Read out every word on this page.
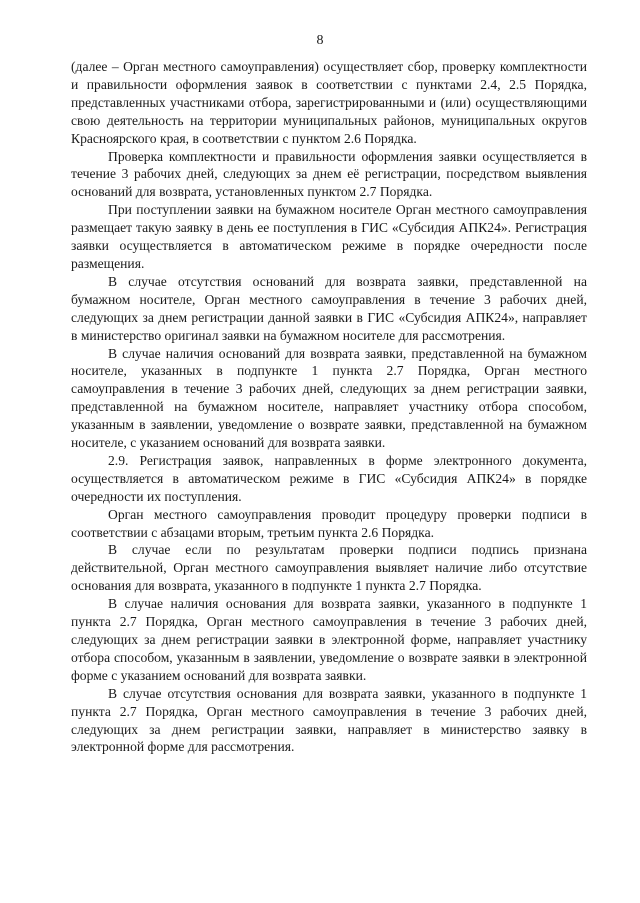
8

(далее – Орган местного самоуправления) осуществляет сбор, проверку комплектности и правильности оформления заявок в соответствии с пунктами 2.4, 2.5 Порядка, представленных участниками отбора, зарегистрированными и (или) осуществляющими свою деятельность на территории муниципальных районов, муниципальных округов Красноярского края, в соответствии с пунктом 2.6 Порядка.

Проверка комплектности и правильности оформления заявки осуществляется в течение 3 рабочих дней, следующих за днем её регистрации, посредством выявления оснований для возврата, установленных пунктом 2.7 Порядка.

При поступлении заявки на бумажном носителе Орган местного самоуправления размещает такую заявку в день ее поступления в ГИС «Субсидия АПК24». Регистрация заявки осуществляется в автоматическом режиме в порядке очередности после размещения.

В случае отсутствия оснований для возврата заявки, представленной на бумажном носителе, Орган местного самоуправления в течение 3 рабочих дней, следующих за днем регистрации данной заявки в ГИС «Субсидия АПК24», направляет в министерство оригинал заявки на бумажном носителе для рассмотрения.

В случае наличия оснований для возврата заявки, представленной на бумажном носителе, указанных в подпункте 1 пункта 2.7 Порядка, Орган местного самоуправления в течение 3 рабочих дней, следующих за днем регистрации заявки, представленной на бумажном носителе, направляет участнику отбора способом, указанным в заявлении, уведомление о возврате заявки, представленной на бумажном носителе, с указанием оснований для возврата заявки.

2.9. Регистрация заявок, направленных в форме электронного документа, осуществляется в автоматическом режиме в ГИС «Субсидия АПК24» в порядке очередности их поступления.

Орган местного самоуправления проводит процедуру проверки подписи в соответствии с абзацами вторым, третьим пункта 2.6 Порядка.

В случае если по результатам проверки подписи подпись признана действительной, Орган местного самоуправления выявляет наличие либо отсутствие основания для возврата, указанного в подпункте 1 пункта 2.7 Порядка.

В случае наличия основания для возврата заявки, указанного в подпункте 1 пункта 2.7 Порядка, Орган местного самоуправления в течение 3 рабочих дней, следующих за днем регистрации заявки в электронной форме, направляет участнику отбора способом, указанным в заявлении, уведомление о возврате заявки в электронной форме с указанием оснований для возврата заявки.

В случае отсутствия основания для возврата заявки, указанного в подпункте 1 пункта 2.7 Порядка, Орган местного самоуправления в течение 3 рабочих дней, следующих за днем регистрации заявки, направляет в министерство заявку в электронной форме для рассмотрения.
